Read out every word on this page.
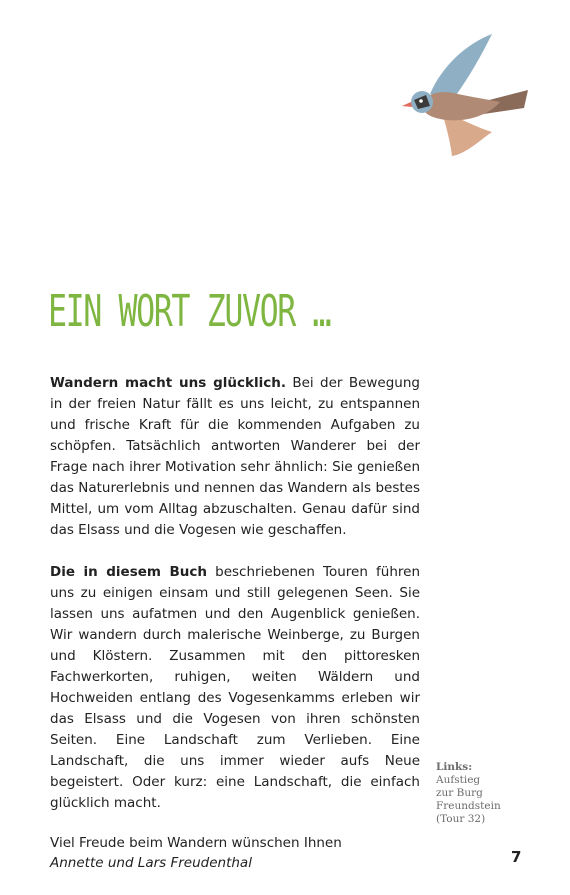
EIN WORT ZUVOR …

Wandern macht uns glücklich. Bei der Bewegung in der freien Natur fällt es uns leicht, zu entspannen und frische Kraft für die kommenden Aufgaben zu schöpfen. Tatsächlich antworten Wanderer bei der Frage nach ihrer Motivation sehr ähnlich: Sie genießen das Naturerlebnis und nennen das Wandern als bestes Mittel, um vom Alltag abzuschalten. Genau dafür sind das Elsass und die Vogesen wie geschaffen.

Die in diesem Buch beschriebenen Touren führen uns zu einigen einsam und still gelegenen Seen. Sie lassen uns aufatmen und den Augenblick genießen. Wir wandern durch malerische Weinberge, zu Burgen und Klöstern. Zusammen mit den pittoresken Fachwerkorten, ruhigen, weiten Wäldern und Hochweiden entlang des Vogesenkamms erleben wir das Elsass und die Vogesen von ihren schönsten Seiten. Eine Landschaft zum Verlieben. Eine Landschaft, die uns immer wieder aufs Neue begeistert. Oder kurz: eine Landschaft, die einfach glücklich macht.

Viel Freude beim Wandern wünschen Ihnen
Annette und Lars Freudenthal
Links:
Aufstieg
zur Burg
Freundstein
(Tour 32)
7
